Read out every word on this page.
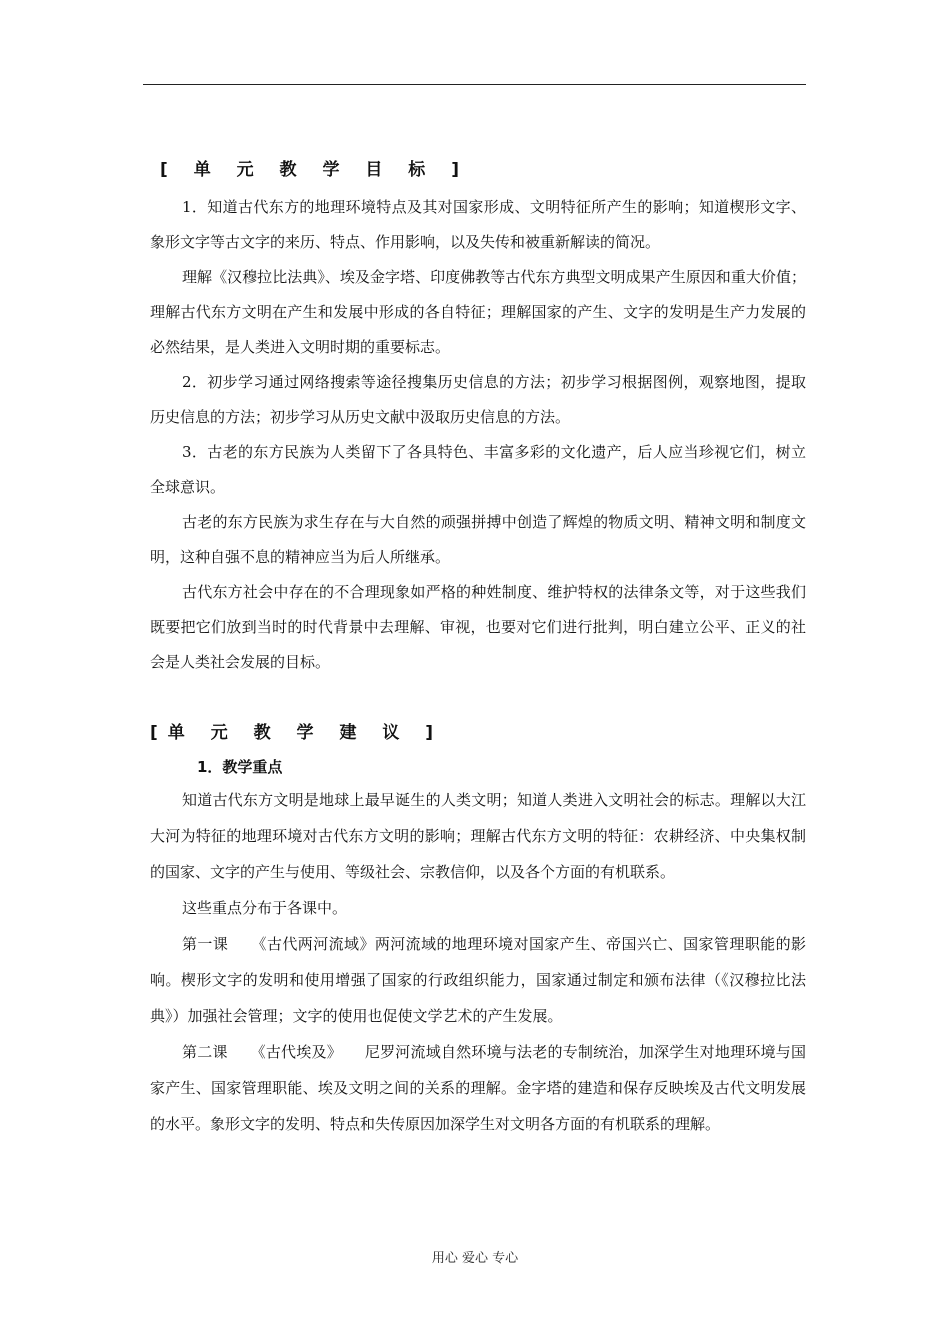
[ 单 元 教 学 目 标 ]

1．知道古代东方的地理环境特点及其对国家形成、文明特征所产生的影响；知道楔形文字、象形文字等古文字的来历、特点、作用影响，以及失传和被重新解读的简况。

理解《汉穆拉比法典》、埃及金字塔、印度佛教等古代东方典型文明成果产生原因和重大价值；理解古代东方文明在产生和发展中形成的各自特征；理解国家的产生、文字的发明是生产力发展的必然结果，是人类进入文明时期的重要标志。

2．初步学习通过网络搜索等途径搜集历史信息的方法；初步学习根据图例，观察地图，提取历史信息的方法；初步学习从历史文献中汲取历史信息的方法。

3．古老的东方民族为人类留下了各具特色、丰富多彩的文化遗产，后人应当珍视它们，树立全球意识。

古老的东方民族为求生存在与大自然的顽强拼搏中创造了辉煌的物质文明、精神文明和制度文明，这种自强不息的精神应当为后人所继承。

古代东方社会中存在的不合理现象如严格的种姓制度、维护特权的法律条文等，对于这些我们既要把它们放到当时的时代背景中去理解、审视，也要对它们进行批判，明白建立公平、正义的社会是人类社会发展的目标。

[单 元 教 学 建 议 ]
1．教学重点

知道古代东方文明是地球上最早诞生的人类文明；知道人类进入文明社会的标志。理解以大江大河为特征的地理环境对古代东方文明的影响；理解古代东方文明的特征：农耕经济、中央集权制的国家、文字的产生与使用、等级社会、宗教信仰，以及各个方面的有机联系。

这些重点分布于各课中。

第一课　　《古代两河流域》两河流域的地理环境对国家产生、帝国兴亡、国家管理职能的影响。楔形文字的发明和使用增强了国家的行政组织能力，国家通过制定和颁布法律（《汉穆拉比法典》）加强社会管理；文字的使用也促使文学艺术的产生发展。

第二课　　《古代埃及》　　尼罗河流域自然环境与法老的专制统治，加深学生对地理环境与国家产生、国家管理职能、埃及文明之间的关系的理解。金字塔的建造和保存反映埃及古代文明发展的水平。象形文字的发明、特点和失传原因加深学生对文明各方面的有机联系的理解。

用心 爱心 专心
